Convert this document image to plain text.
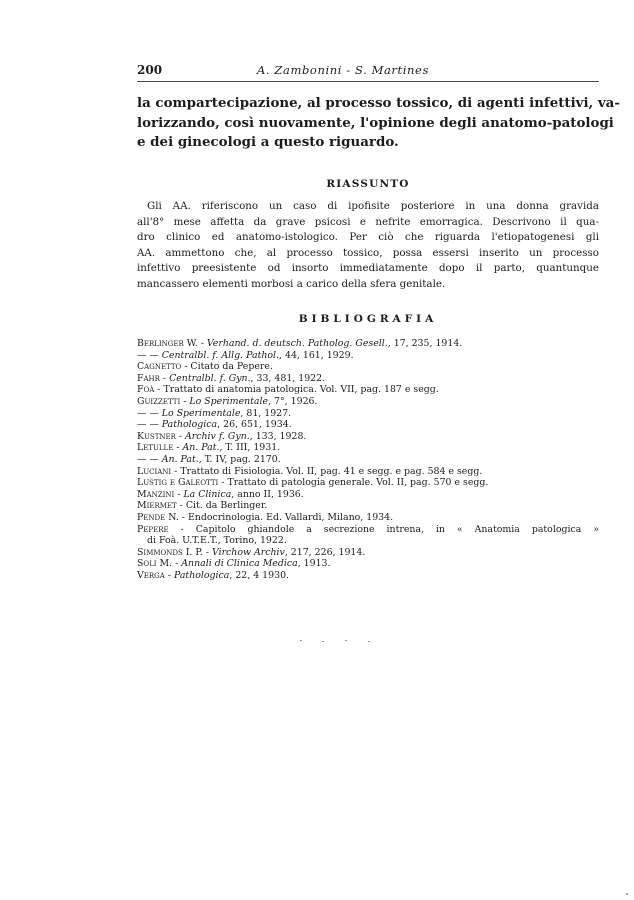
200	A. Zambonini - S. Martines

la compartecipazione, al processo tossico, di agenti infettivi, va-
lorizzando, così nuovamente, l'opinione degli anatomo-patologi
e dei ginecologi a questo riguardo.

RIASSUNTO

Gli AA. riferiscono un caso di ipofisite posteriore in una donna gravida
all'8° mese affetta da grave psicosi e nefrite emorragica. Descrivono il qua-
dro clinico ed anatomo-istologico. Per ciò che riguarda l'etiopatogenesi gli
AA. ammettono che, al processo tossico, possa essersi inserito un processo
infettivo preesistente od insorto immediatamente dopo il parto, quantunque
mancassero elementi morbosi a carico della sfera genitale.

BIBLIOGRAFIA
Berlinger W. - Verhand. d. deutsch. Patholog. Gesell., 17, 235, 1914.
— — Centralbl. f. Allg. Pathol., 44, 161, 1929.
Cagnetto - Citato da Pepere.
Fahr - Centralbl. f. Gyn., 33, 481, 1922.
Foà - Trattato di anatomia patologica. Vol. VII, pag. 187 e segg.
Guizzetti - Lo Sperimentale, 7°, 1926.
— — Lo Sperimentale, 81, 1927.
— — Pathologica, 26, 651, 1934.
Kustner - Archiv f. Gyn., 133, 1928.
Letulle - An. Pat., T. III, 1931.
— — An. Pat., T. IV, pag. 2170.
Luciani - Trattato di Fisiologia. Vol. II, pag. 41 e segg. e pag. 584 e segg.
Lustig e Galeotti - Trattato di patologia generale. Vol. II, pag. 570 e segg.
Manzini - La Clinica, anno II, 1936.
Miermet - Cit. da Berlinger.
Pende N. - Endocrinologia. Ed. Vallardi, Milano, 1934.
Pepere - Capitolo ghiandole a secrezione intrena, in « Anatomia patologica »
di Foà. U.T.E.T., Torino, 1922.
Simmonds I. P. - Virchow Archiv, 217, 226, 1914.
Soli M. - Annali di Clinica Medica, 1913.
Verga - Pathologica, 22, 4 1930.
